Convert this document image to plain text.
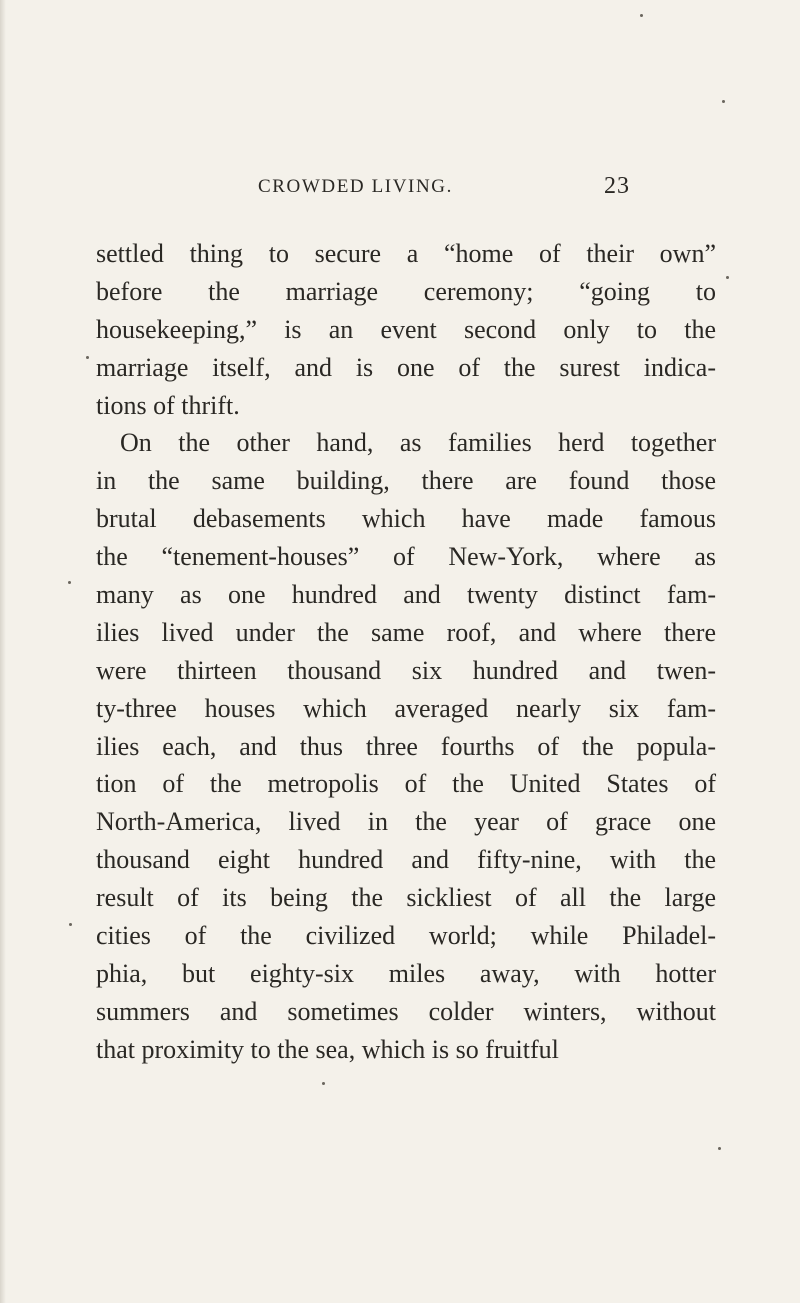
CROWDED LIVING.	23
settled thing to secure a “home of their own”
before the marriage ceremony; “going to
housekeeping,” is an event second only to the
marriage itself, and is one of the surest indica-
tions of thrift.
On the other hand, as families herd together
in the same building, there are found those
brutal debasements which have made famous
the “tenement-houses” of New-York, where as
many as one hundred and twenty distinct fam-
ilies lived under the same roof, and where there
were thirteen thousand six hundred and twen-
ty-three houses which averaged nearly six fam-
ilies each, and thus three fourths of the popula-
tion of the metropolis of the United States of
North-America, lived in the year of grace one
thousand eight hundred and fifty-nine, with the
result of its being the sickliest of all the large
cities of the civilized world; while Philadel-
phia, but eighty-six miles away, with hotter
summers and sometimes colder winters, without
that proximity to the sea, which is so fruitful
